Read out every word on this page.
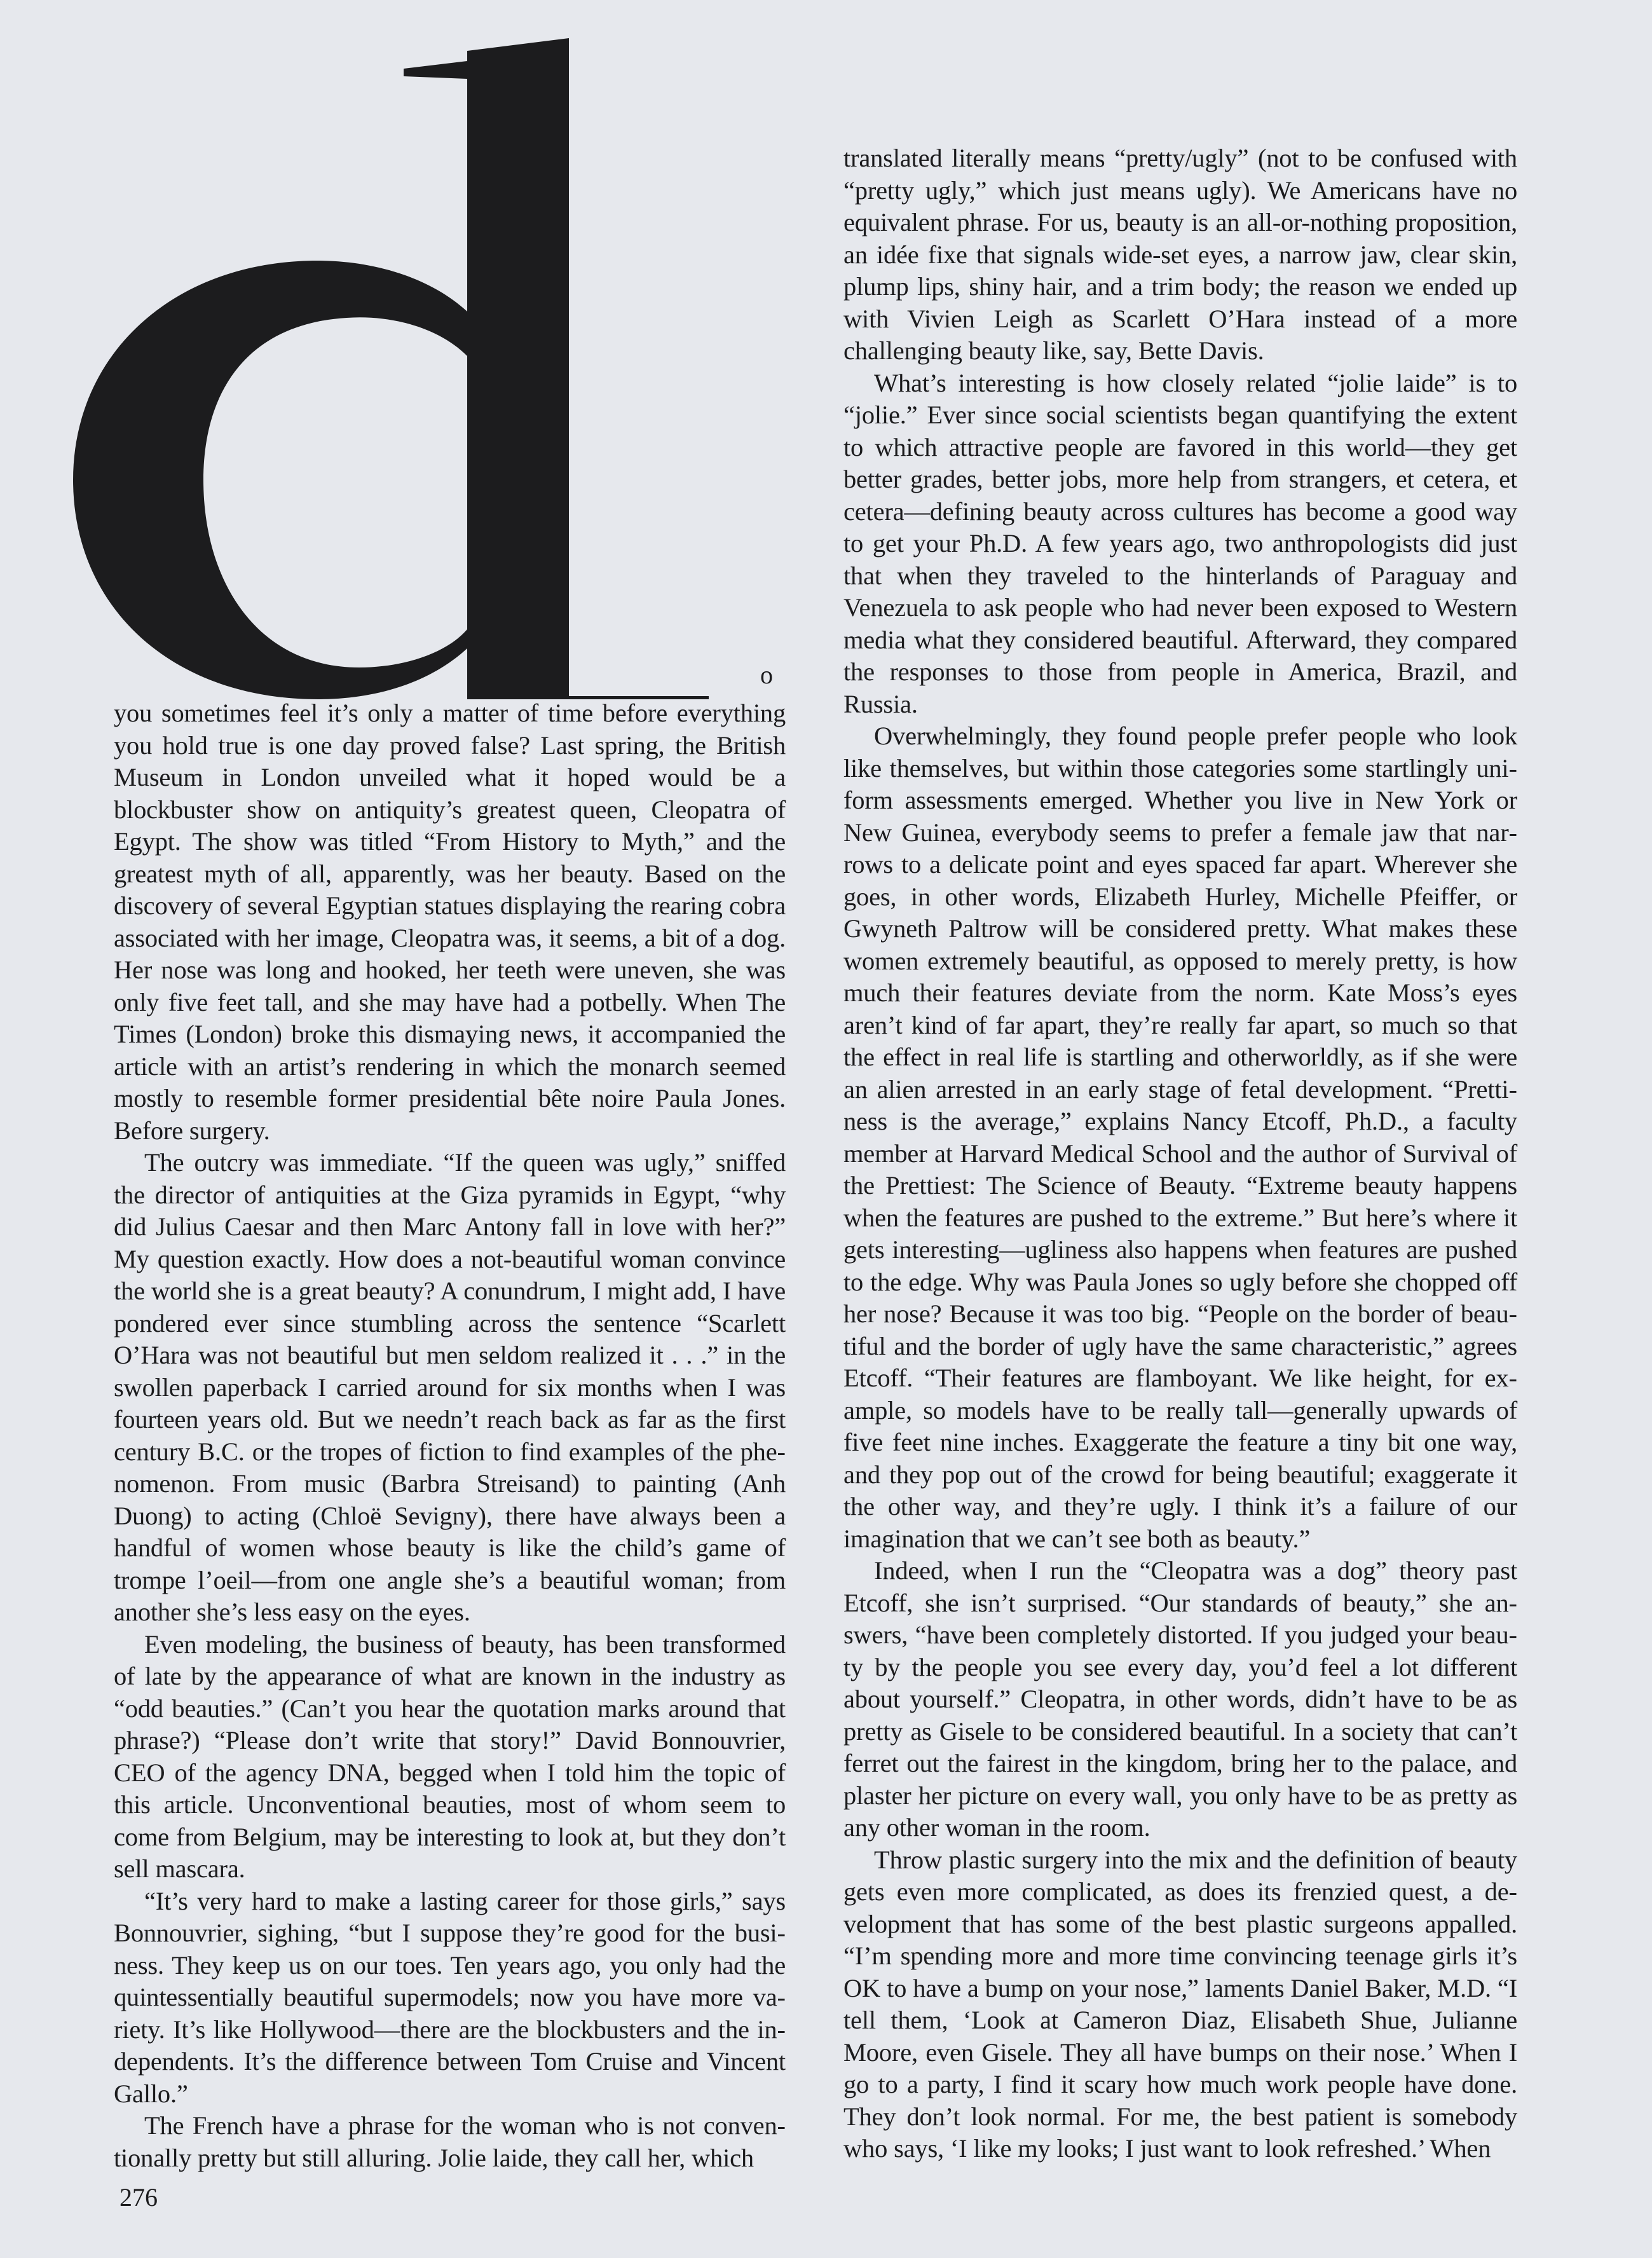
o

you sometimes feel it’s only a matter of time before everything you hold true is one day proved false? Last spring, the British Museum in London unveiled what it hoped would be a blockbuster show on antiquity’s greatest queen, Cleopatra of Egypt. The show was titled “From History to Myth,” and the greatest myth of all, apparently, was her beauty. Based on the discovery of several Egyptian statues displaying the rearing cobra associated with her image, Cleopatra was, it seems, a bit of a dog. Her nose was long and hooked, her teeth were uneven, she was only five feet tall, and she may have had a potbelly. When The Times (London) broke this dismaying news, it accompanied the article with an artist’s rendering in which the monarch seemed mostly to resemble former presidential bête noire Paula Jones. Before surgery.

The outcry was immediate. “If the queen was ugly,” sniffed the director of antiquities at the Giza pyramids in Egypt, “why did Julius Caesar and then Marc Antony fall in love with her?” My question exactly. How does a not-beautiful woman convince the world she is a great beauty? A conundrum, I might add, I have pondered ever since stumbling across the sentence “Scarlett O’Hara was not beautiful but men seldom realized it . . .” in the swollen paperback I carried around for six months when I was fourteen years old. But we needn’t reach back as far as the first century B.C. or the tropes of fiction to find examples of the phenomenon. From music (Barbra Streisand) to painting (Anh Duong) to acting (Chloë Sevigny), there have always been a handful of women whose beauty is like the child’s game of trompe l’oeil—from one angle she’s a beautiful woman; from another she’s less easy on the eyes.

Even modeling, the business of beauty, has been transformed of late by the appearance of what are known in the industry as “odd beauties.” (Can’t you hear the quotation marks around that phrase?) “Please don’t write that story!” David Bonnouvrier, CEO of the agency DNA, begged when I told him the topic of this article. Unconventional beauties, most of whom seem to come from Belgium, may be interesting to look at, but they don’t sell mascara.

“It’s very hard to make a lasting career for those girls,” says Bonnouvrier, sighing, “but I suppose they’re good for the business. They keep us on our toes. Ten years ago, you only had the quintessentially beautiful supermodels; now you have more variety. It’s like Hollywood—there are the blockbusters and the independents. It’s the difference between Tom Cruise and Vincent Gallo.”

The French have a phrase for the woman who is not conventionally pretty but still alluring. Jolie laide, they call her, which

translated literally means “pretty/ugly” (not to be confused with “pretty ugly,” which just means ugly). We Americans have no equivalent phrase. For us, beauty is an all-or-nothing proposition, an idée fixe that signals wide-set eyes, a narrow jaw, clear skin, plump lips, shiny hair, and a trim body; the reason we ended up with Vivien Leigh as Scarlett O’Hara instead of a more challenging beauty like, say, Bette Davis.

What’s interesting is how closely related “jolie laide” is to “jolie.” Ever since social scientists began quantifying the extent to which attractive people are favored in this world—they get better grades, better jobs, more help from strangers, et cetera, et cetera—defining beauty across cultures has become a good way to get your Ph.D. A few years ago, two anthropologists did just that when they traveled to the hinterlands of Paraguay and Venezuela to ask people who had never been exposed to Western media what they considered beautiful. Afterward, they compared the responses to those from people in America, Brazil, and Russia.

Overwhelmingly, they found people prefer people who look like themselves, but within those categories some startlingly uniform assessments emerged. Whether you live in New York or New Guinea, everybody seems to prefer a female jaw that narrows to a delicate point and eyes spaced far apart. Wherever she goes, in other words, Elizabeth Hurley, Michelle Pfeiffer, or Gwyneth Paltrow will be considered pretty. What makes these women extremely beautiful, as opposed to merely pretty, is how much their features deviate from the norm. Kate Moss’s eyes aren’t kind of far apart, they’re really far apart, so much so that the effect in real life is startling and otherworldly, as if she were an alien arrested in an early stage of fetal development. “Prettiness is the average,” explains Nancy Etcoff, Ph.D., a faculty member at Harvard Medical School and the author of Survival of the Prettiest: The Science of Beauty. “Extreme beauty happens when the features are pushed to the extreme.” But here’s where it gets interesting—ugliness also happens when features are pushed to the edge. Why was Paula Jones so ugly before she chopped off her nose? Because it was too big. “People on the border of beautiful and the border of ugly have the same characteristic,” agrees Etcoff. “Their features are flamboyant. We like height, for example, so models have to be really tall—generally upwards of five feet nine inches. Exaggerate the feature a tiny bit one way, and they pop out of the crowd for being beautiful; exaggerate it the other way, and they’re ugly. I think it’s a failure of our imagination that we can’t see both as beauty.”

Indeed, when I run the “Cleopatra was a dog” theory past Etcoff, she isn’t surprised. “Our standards of beauty,” she answers, “have been completely distorted. If you judged your beauty by the people you see every day, you’d feel a lot different about yourself.” Cleopatra, in other words, didn’t have to be as pretty as Gisele to be considered beautiful. In a society that can’t ferret out the fairest in the kingdom, bring her to the palace, and plaster her picture on every wall, you only have to be as pretty as any other woman in the room.

Throw plastic surgery into the mix and the definition of beauty gets even more complicated, as does its frenzied quest, a development that has some of the best plastic surgeons appalled. “I’m spending more and more time convincing teenage girls it’s OK to have a bump on your nose,” laments Daniel Baker, M.D. “I tell them, ‘Look at Cameron Diaz, Elisabeth Shue, Julianne Moore, even Gisele. They all have bumps on their nose.’ When I go to a party, I find it scary how much work people have done. They don’t look normal. For me, the best patient is somebody who says, ‘I like my looks; I just want to look refreshed.’ When

276
